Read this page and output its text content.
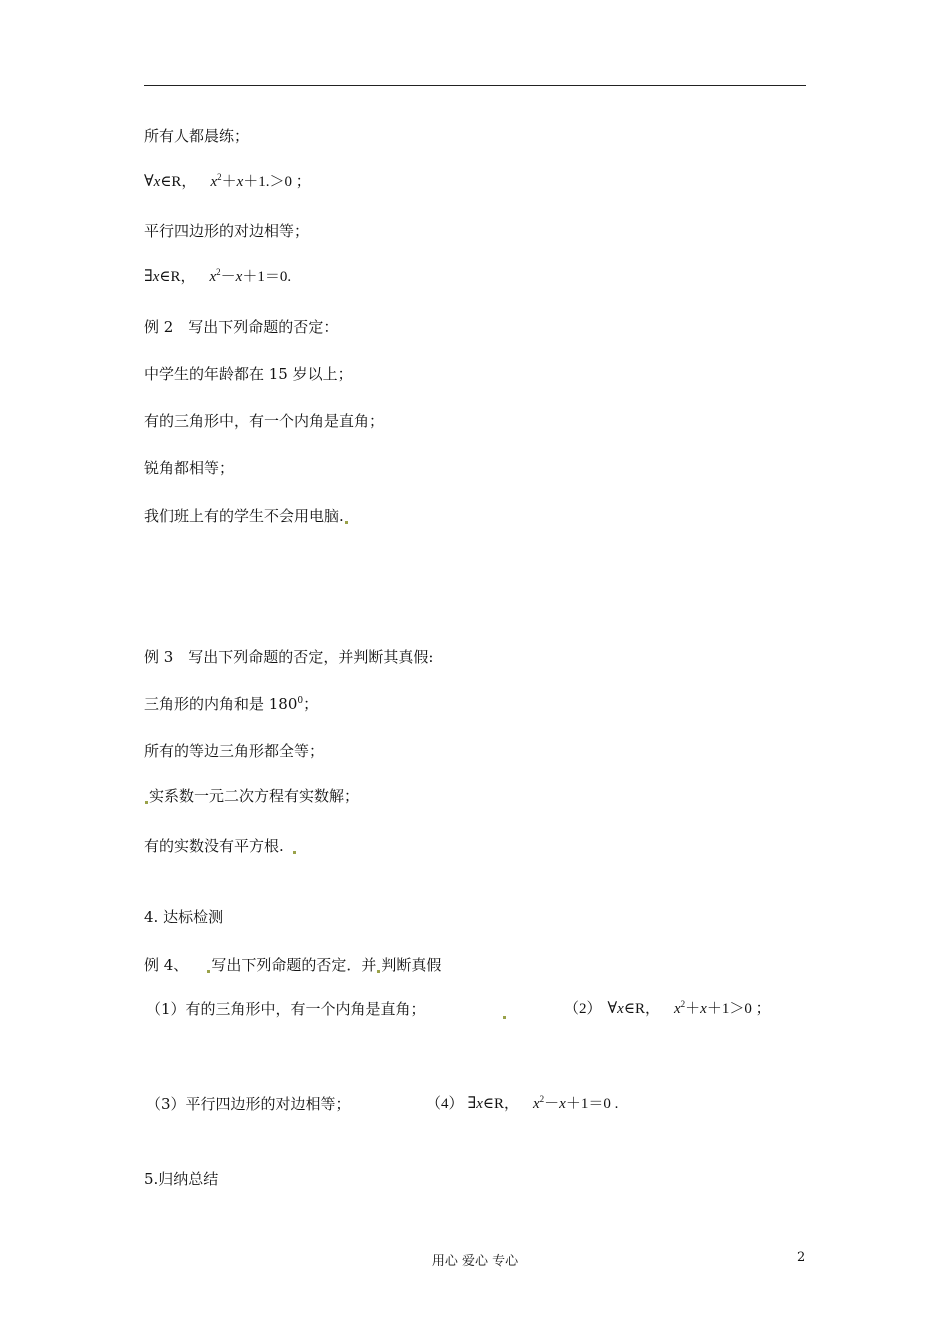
所有人都晨练；
∀x∈R， $x^2+x+1.>0$ ；
平行四边形的对边相等；
∃x∈R， $x^2-x+1=0$.
例 2　写出下列命题的否定：
中学生的年龄都在 15 岁以上；
有的三角形中，有一个内角是直角；
锐角都相等；
我们班上有的学生不会用电脑.
例 3　写出下列命题的否定，并判断其真假:
三角形的内角和是 $180^0$；
所有的等边三角形都全等；
实系数一元二次方程有实数解；
有的实数没有平方根.
4. 达标检测
例 4、 写出下列命题的否定．并 判断真假
（1）有的三角形中，有一个内角是直角；	（2） ∀x∈R， $x^2+x+1>0$ ；
（3）平行四边形的对边相等；	（4） ∃x∈R， $x^2-x+1=0$ .
5.归纳总结
用心 爱心 专心	2
